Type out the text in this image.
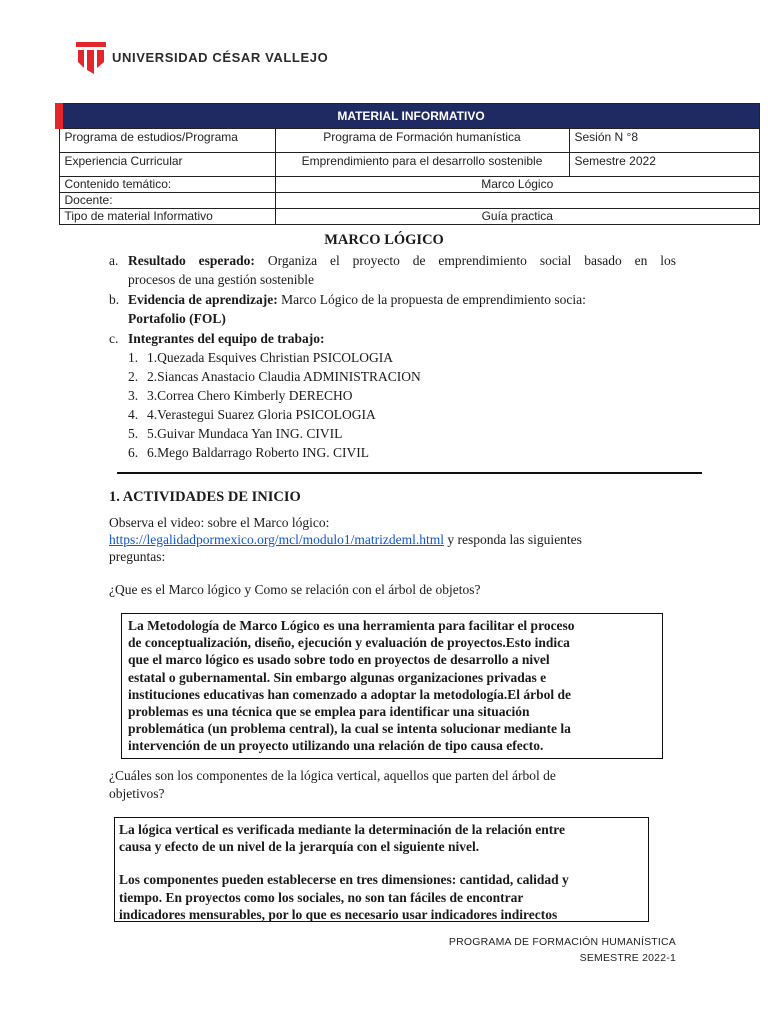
UNIVERSIDAD CÉSAR VALLEJO
MATERIAL INFORMATIVO		
Programa de estudios/Programa	Programa de Formación humanística	Sesión N °8
Experiencia Curricular	Emprendimiento para el desarrollo sostenible	Semestre 2022
Contenido temático:	Marco Lógico	
Docente:		
Tipo de material Informativo	Guía practica	
MARCO LÓGICO
a. Resultado esperado: Organiza el proyecto de emprendimiento social basado en los
procesos de una gestión sostenible
b. Evidencia de aprendizaje: Marco Lógico de la propuesta de emprendimiento socia:
Portafolio (FOL)
c. Integrantes del equipo de trabajo:
1. 1.Quezada Esquives Christian PSICOLOGIA
2. 2.Siancas Anastacio Claudia ADMINISTRACION
3. 3.Correa Chero Kimberly DERECHO
4. 4.Verastegui Suarez Gloria PSICOLOGIA
5. 5.Guivar Mundaca Yan ING. CIVIL
6. 6.Mego Baldarrago Roberto ING. CIVIL
1. ACTIVIDADES DE INICIO
Observa el video: sobre el Marco lógico:
https://legalidadpormexico.org/mcl/modulo1/matrizdeml.html y responda las siguientes
preguntas:
¿Que es el Marco lógico y Como se relación con el árbol de objetos?
La Metodología de Marco Lógico es una herramienta para facilitar el proceso
de conceptualización, diseño, ejecución y evaluación de proyectos.Esto indica
que el marco lógico es usado sobre todo en proyectos de desarrollo a nivel
estatal o gubernamental. Sin embargo algunas organizaciones privadas e
instituciones educativas han comenzado a adoptar la metodología.El árbol de
problemas es una técnica que se emplea para identificar una situación
problemática (un problema central), la cual se intenta solucionar mediante la
intervención de un proyecto utilizando una relación de tipo causa efecto.
¿Cuáles son los componentes de la lógica vertical, aquellos que parten del árbol de
objetivos?
La lógica vertical es verificada mediante la determinación de la relación entre
causa y efecto de un nivel de la jerarquía con el siguiente nivel.
Los componentes pueden establecerse en tres dimensiones: cantidad, calidad y
tiempo. En proyectos como los sociales, no son tan fáciles de encontrar
indicadores mensurables, por lo que es necesario usar indicadores indirectos
PROGRAMA DE FORMACIÓN HUMANÍSTICA
SEMESTRE 2022-1
